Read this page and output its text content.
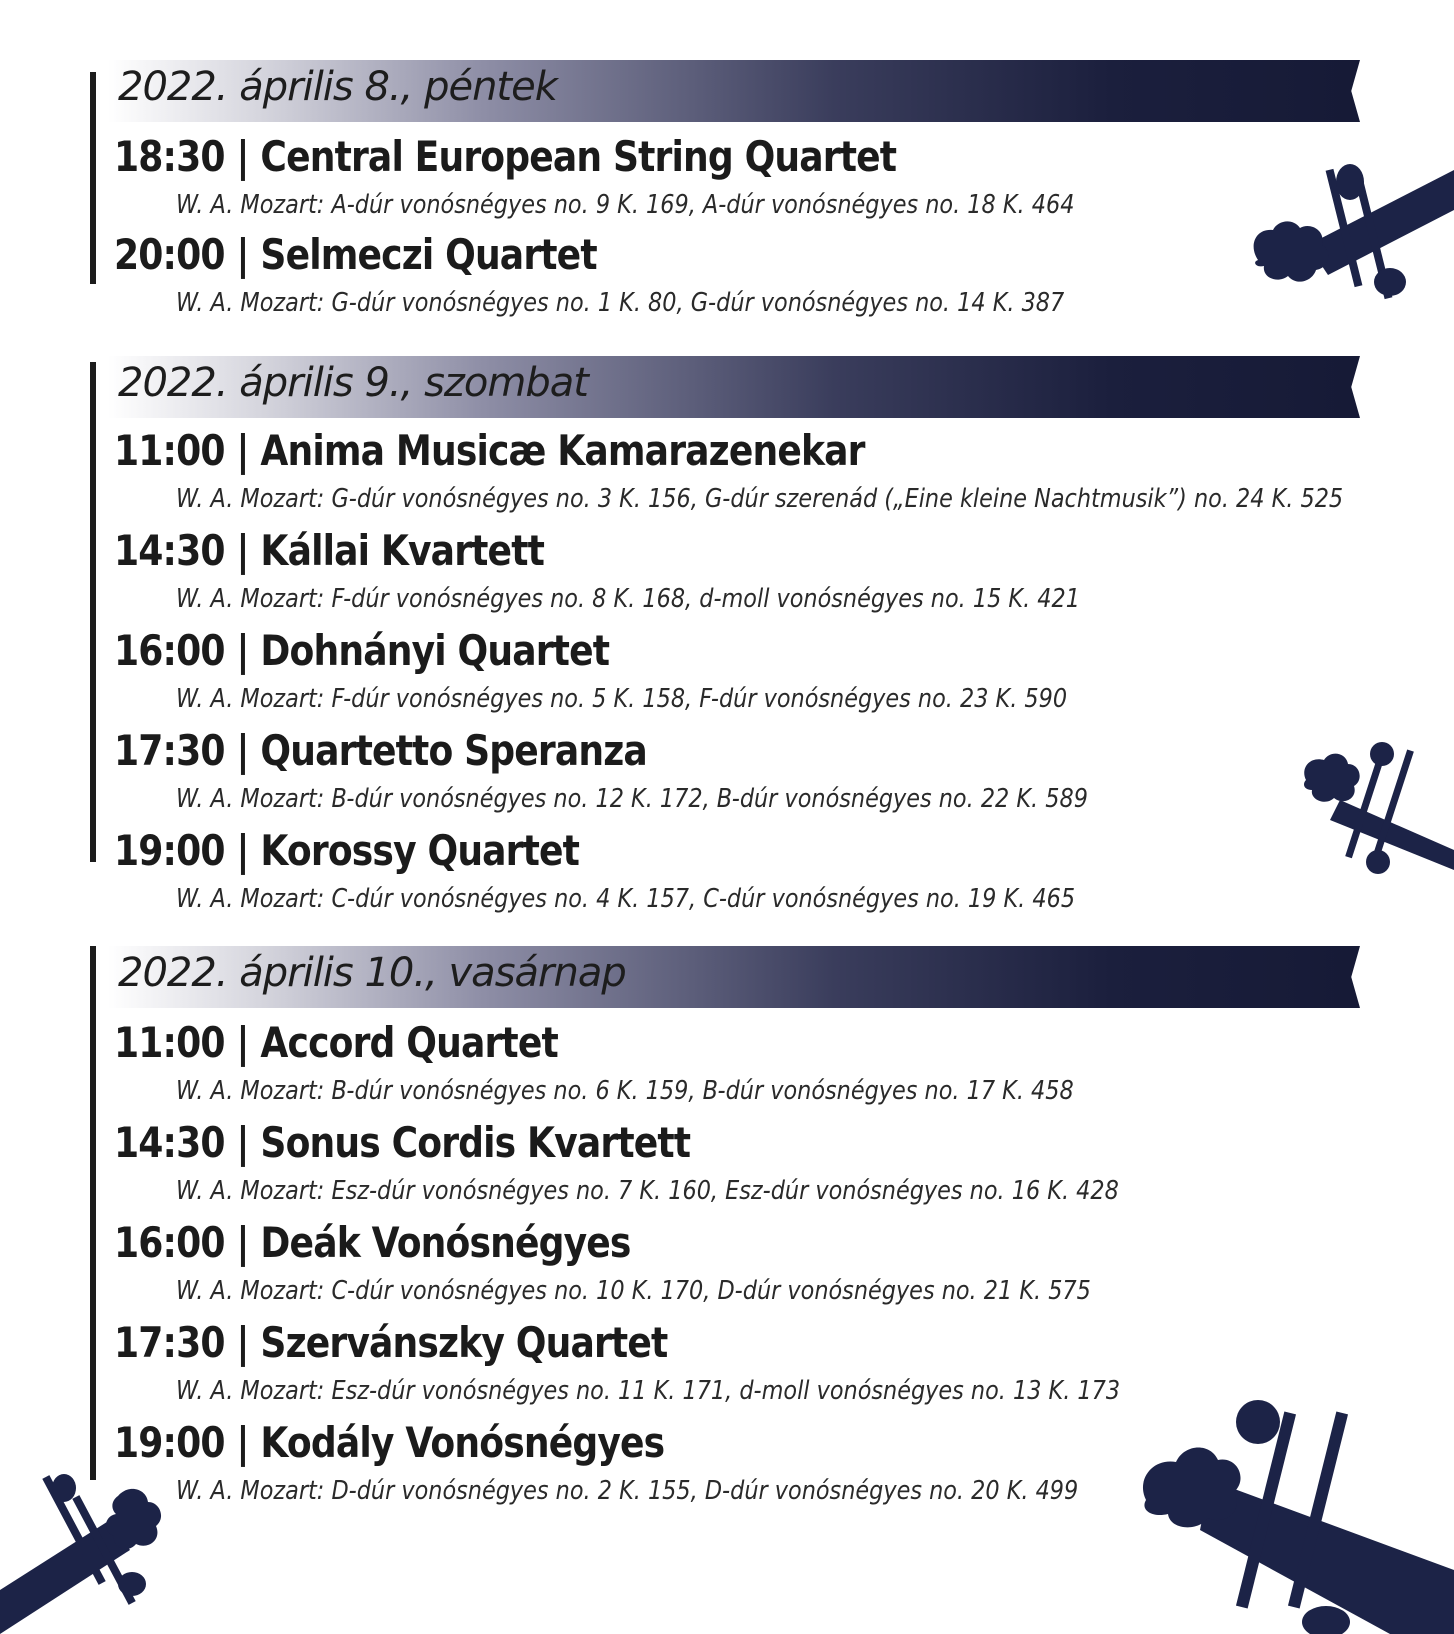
2022. április 8., péntek
18:30 | Central European String Quartet
W. A. Mozart: A-dúr vonósnégyes no. 9 K. 169, A-dúr vonósnégyes no. 18 K. 464
20:00 | Selmeczi Quartet
W. A. Mozart: G-dúr vonósnégyes no. 1 K. 80, G-dúr vonósnégyes no. 14 K. 387
2022. április 9., szombat
11:00 | Anima Musicæ Kamarazenekar
W. A. Mozart: G-dúr vonósnégyes no. 3 K. 156, G-dúr szerenád („Eine kleine Nachtmusik”) no. 24 K. 525
14:30 | Kállai Kvartett
W. A. Mozart: F-dúr vonósnégyes no. 8 K. 168, d-moll vonósnégyes no. 15 K. 421
16:00 | Dohnányi Quartet
W. A. Mozart: F-dúr vonósnégyes no. 5 K. 158, F-dúr vonósnégyes no. 23 K. 590
17:30 | Quartetto Speranza
W. A. Mozart: B-dúr vonósnégyes no. 12 K. 172, B-dúr vonósnégyes no. 22 K. 589
19:00 | Korossy Quartet
W. A. Mozart: C-dúr vonósnégyes no. 4 K. 157, C-dúr vonósnégyes no. 19 K. 465
2022. április 10., vasárnap
11:00 | Accord Quartet
W. A. Mozart: B-dúr vonósnégyes no. 6 K. 159, B-dúr vonósnégyes no. 17 K. 458
14:30 | Sonus Cordis Kvartett
W. A. Mozart: Esz-dúr vonósnégyes no. 7 K. 160, Esz-dúr vonósnégyes no. 16 K. 428
16:00 | Deák Vonósnégyes
W. A. Mozart: C-dúr vonósnégyes no. 10 K. 170, D-dúr vonósnégyes no. 21 K. 575
17:30 | Szervánszky Quartet
W. A. Mozart: Esz-dúr vonósnégyes no. 11 K. 171, d-moll vonósnégyes no. 13 K. 173
19:00 | Kodály Vonósnégyes
W. A. Mozart: D-dúr vonósnégyes no. 2 K. 155, D-dúr vonósnégyes no. 20 K. 499
